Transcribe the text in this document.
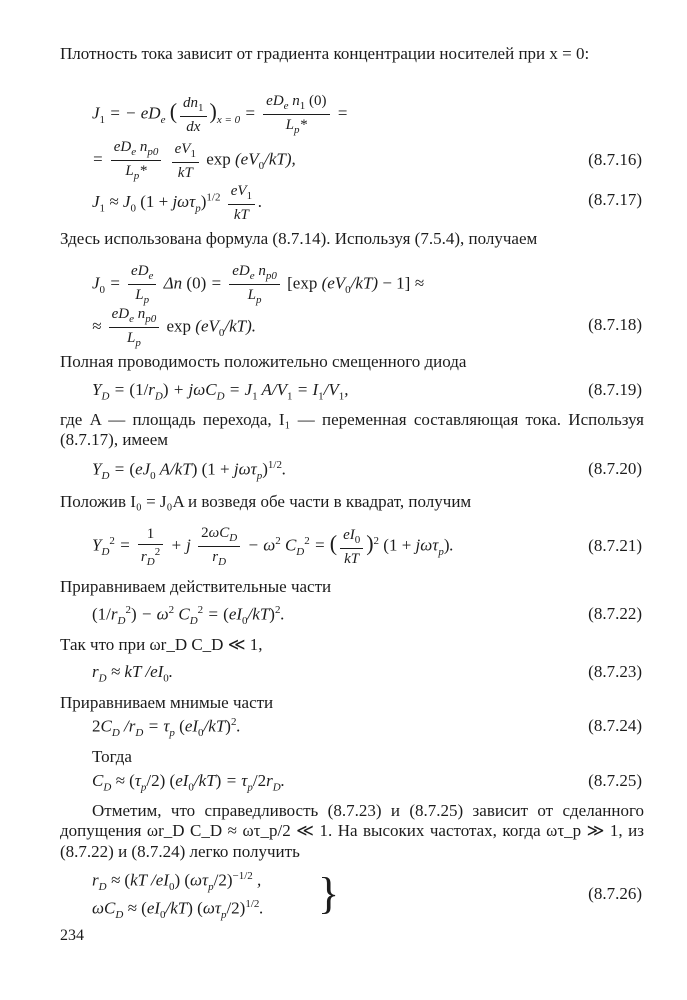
Плотность тока зависит от градиента концентрации носителей при x = 0:
$J_1$ = − $eD_e$ ( $\frac{dn_1}{dx} )_{x = 0} = \frac{eD_e n_1 (0)}{L_p*}$ =
= $\frac{eD_e n_{p0}}{L_p*}$
$\frac{eV_1}{kT}$ $\exp (eV_0/kT)$,	(8.7.16)
$J_1 \approx J_0$ $(1 + j\omega\tau_p)^{1/2} \frac{eV_1}{kT}$ .	(8.7.17)
Здесь использована формула (8.7.14). Используя (7.5.4), получаем
$J_0 = \frac{eD_e}{L_p}$ Δn $(0) = \frac{eD_e n_{p0}}{L_p} [\exp$ $(eV_0/kT) - 1$] ≈
≈ $\frac{eD_e n_{p0}}{L_p}$ $\exp (eV_0/kT)$.	(8.7.18)
Полная проводимость положительно смещенного диода
$Y_D = (1/r_D) + j\omega C_D = J_1$ $A/V_1 = I_1/V_1$,	(8.7.19)
где A — площадь перехода, I₁ — переменная составляющая тока. Используя (8.7.17), имеем
$Y_D = (eJ_0$ A/kT) $(1 + j\omega\tau_p)^{1/2}$.	(8.7.20)
Положив I₀ = J₀A и возведя обе части в квадрат, получим
$Y_D^2 = \frac{1}{r_D^2} + j \frac{2\omega C_D}{r_D} - \omega^2$ $C_D^2$ = ( $\frac{eI_0}{kT} )^2$ (1 + jωτ$_p$).	(8.7.21)
Приравниваем действительные части
$(1/r_D^2) - \omega^2$ $C_D^2 = (eI_0/kT)^2$.	(8.7.22)
Так что при ωr_D C_D ≪ 1,
$r_D$ ≈ kT $/eI_0$.	(8.7.23)
Приравниваем мнимые части
$2C_D$ $/r_D = \tau_p$ $(eI_0/kT)^2$.	(8.7.24)
Тогда
$C_D \approx (\tau_p/2) (eI_0/kT) = \tau_p/2r_D$.	(8.7.25)
Отметим, что справедливость (8.7.23) и (8.7.25) зависит от сделанного допущения ωr_D C_D ≈ ωτ_p/2 ≪ 1. На высоких частотах, когда ωτ_p ≫ 1, из (8.7.22) и (8.7.24) легко получить
$r_D \approx (kT$ $/eI_0$) $(\omega\tau_p/2)^{-1/2}$ ,
$\omega C_D \approx (eI_0/kT)$ $(\omega\tau_p/2)^{1/2}$. }	(8.7.26)
234
